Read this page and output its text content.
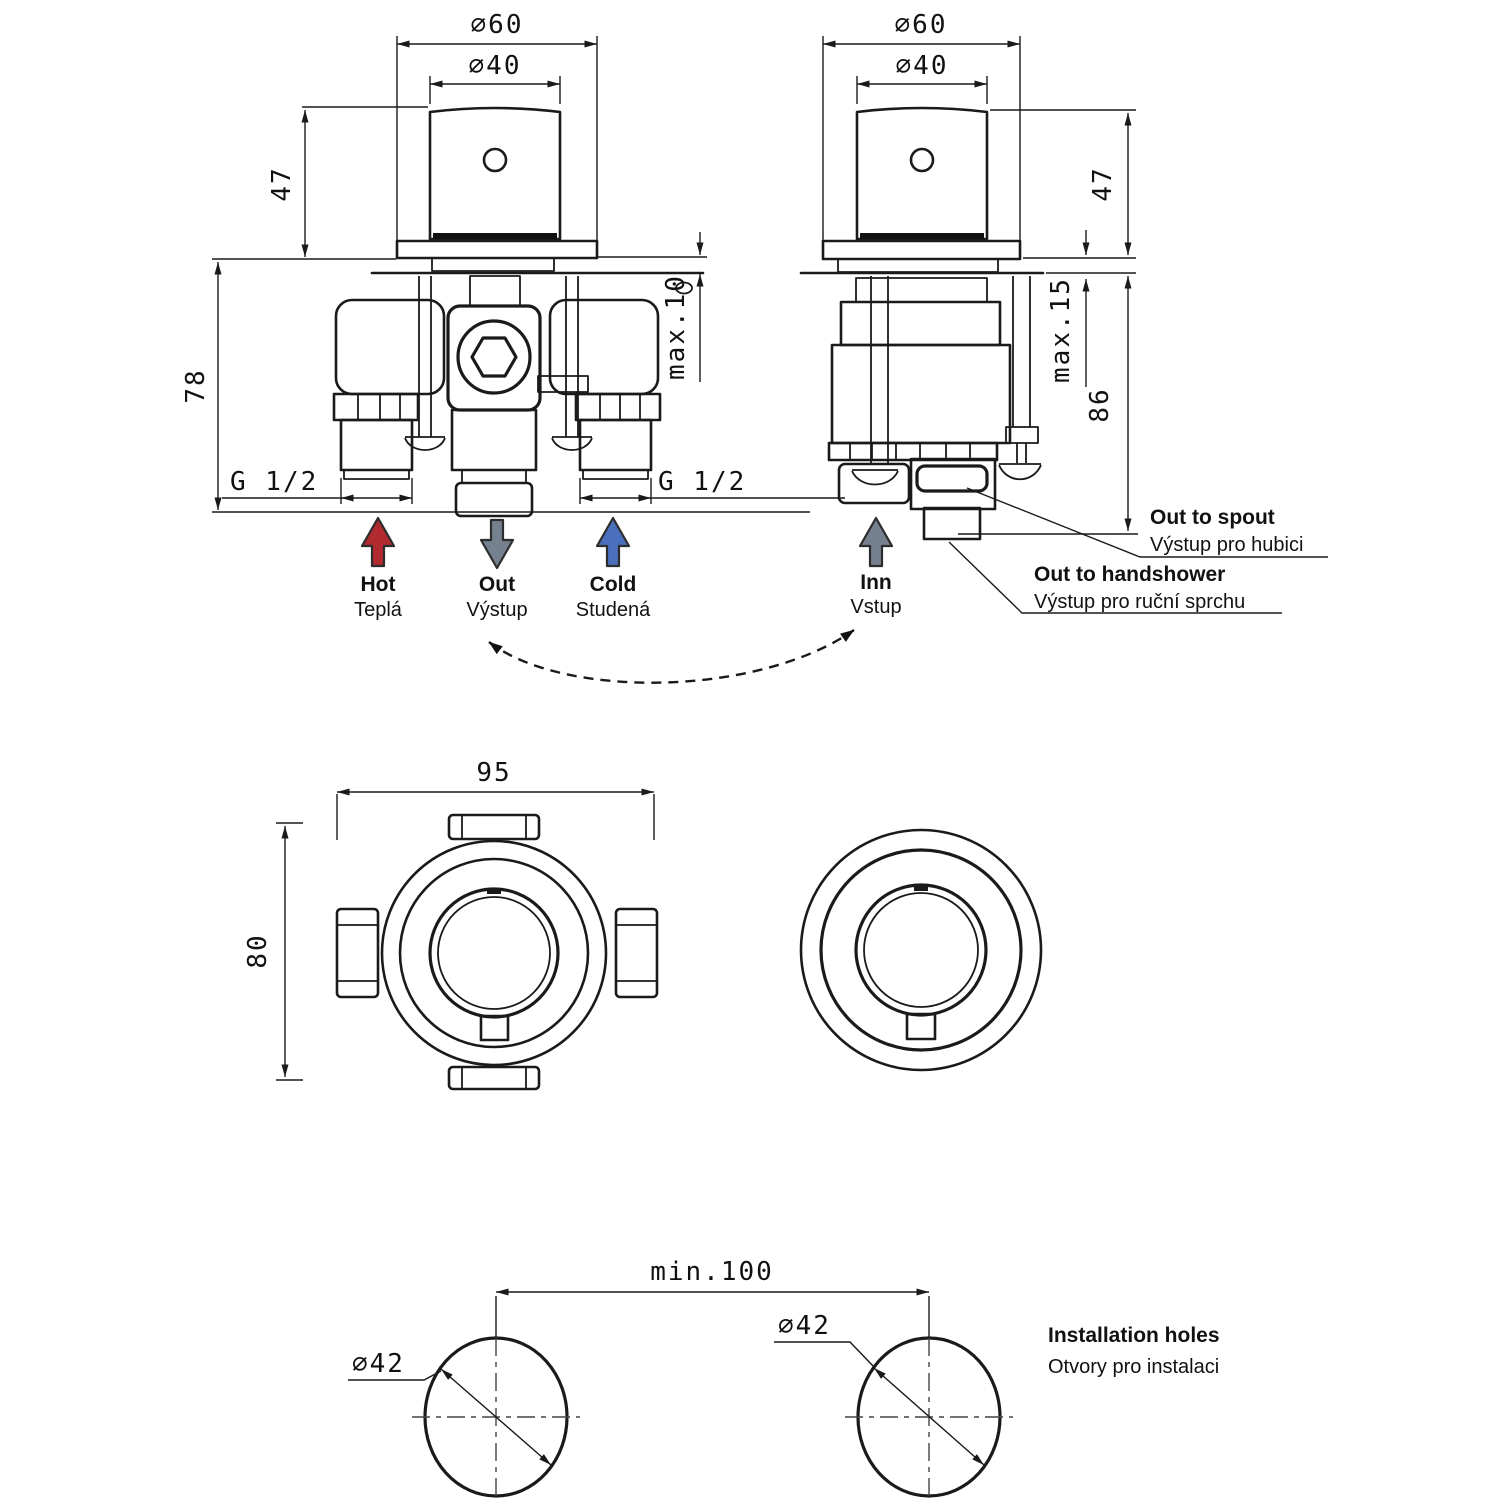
∅60
∅40
47
78
max.10
G 1/2	G 1/2
Hot
Teplá
Out
Výstup
Cold
Studená
∅60
∅40
47
max.15
86
Out to spout
Výstup pro hubici
Out to handshower
Výstup pro ruční sprchu
Inn
Vstup
95
80
min.100
∅42
∅42	Installation holes
Otvory pro instalaci
